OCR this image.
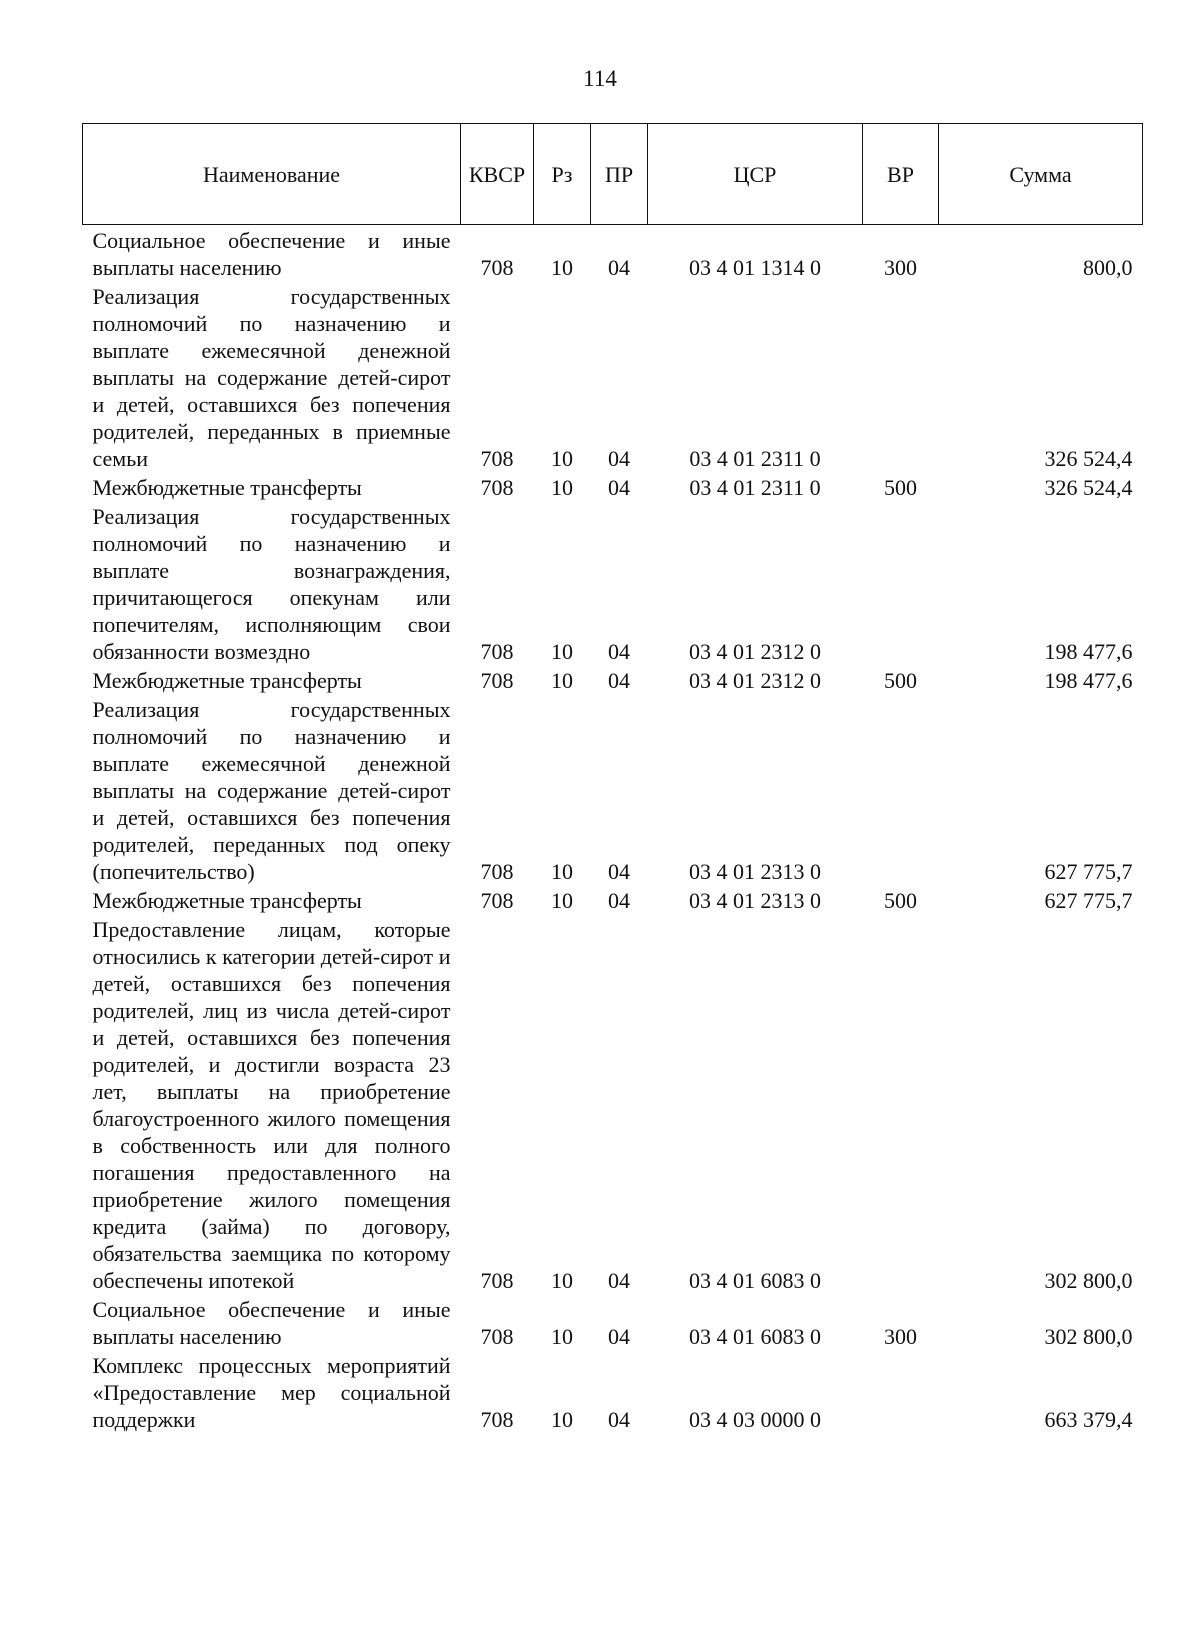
114
Наименование	КВСР	Рз	ПР	ЦСР	ВР	Сумма
Социальное обеспечение и иные выплаты населению	708	10	04	03 4 01 1314 0	300	800,0
Реализация государственных полномочий по назначению и выплате ежемесячной денежной выплаты на содержание детей-сирот и детей, оставшихся без попечения родителей, переданных в приемные семьи	708	10	04	03 4 01 2311 0		326 524,4
Межбюджетные трансферты	708	10	04	03 4 01 2311 0	500	326 524,4
Реализация государственных полномочий по назначению и выплате вознаграждения, причитающегося опекунам или попечителям, исполняющим свои обязанности возмездно	708	10	04	03 4 01 2312 0		198 477,6
Межбюджетные трансферты	708	10	04	03 4 01 2312 0	500	198 477,6
Реализация государственных полномочий по назначению и выплате ежемесячной денежной выплаты на содержание детей-сирот и детей, оставшихся без попечения родителей, переданных под опеку (попечительство)	708	10	04	03 4 01 2313 0		627 775,7
Межбюджетные трансферты	708	10	04	03 4 01 2313 0	500	627 775,7
Предоставление лицам, которые относились к категории детей-сирот и детей, оставшихся без попечения родителей, лиц из числа детей-сирот и детей, оставшихся без попечения родителей, и достигли возраста 23 лет, выплаты на приобретение благоустроенного жилого помещения в собственность или для полного погашения предоставленного на приобретение жилого помещения кредита (займа) по договору, обязательства заемщика по которому обеспечены ипотекой	708	10	04	03 4 01 6083 0		302 800,0
Социальное обеспечение и иные выплаты населению	708	10	04	03 4 01 6083 0	300	302 800,0
Комплекс процессных мероприятий «Предоставление мер социальной поддержки	708	10	04	03 4 03 0000 0		663 379,4
